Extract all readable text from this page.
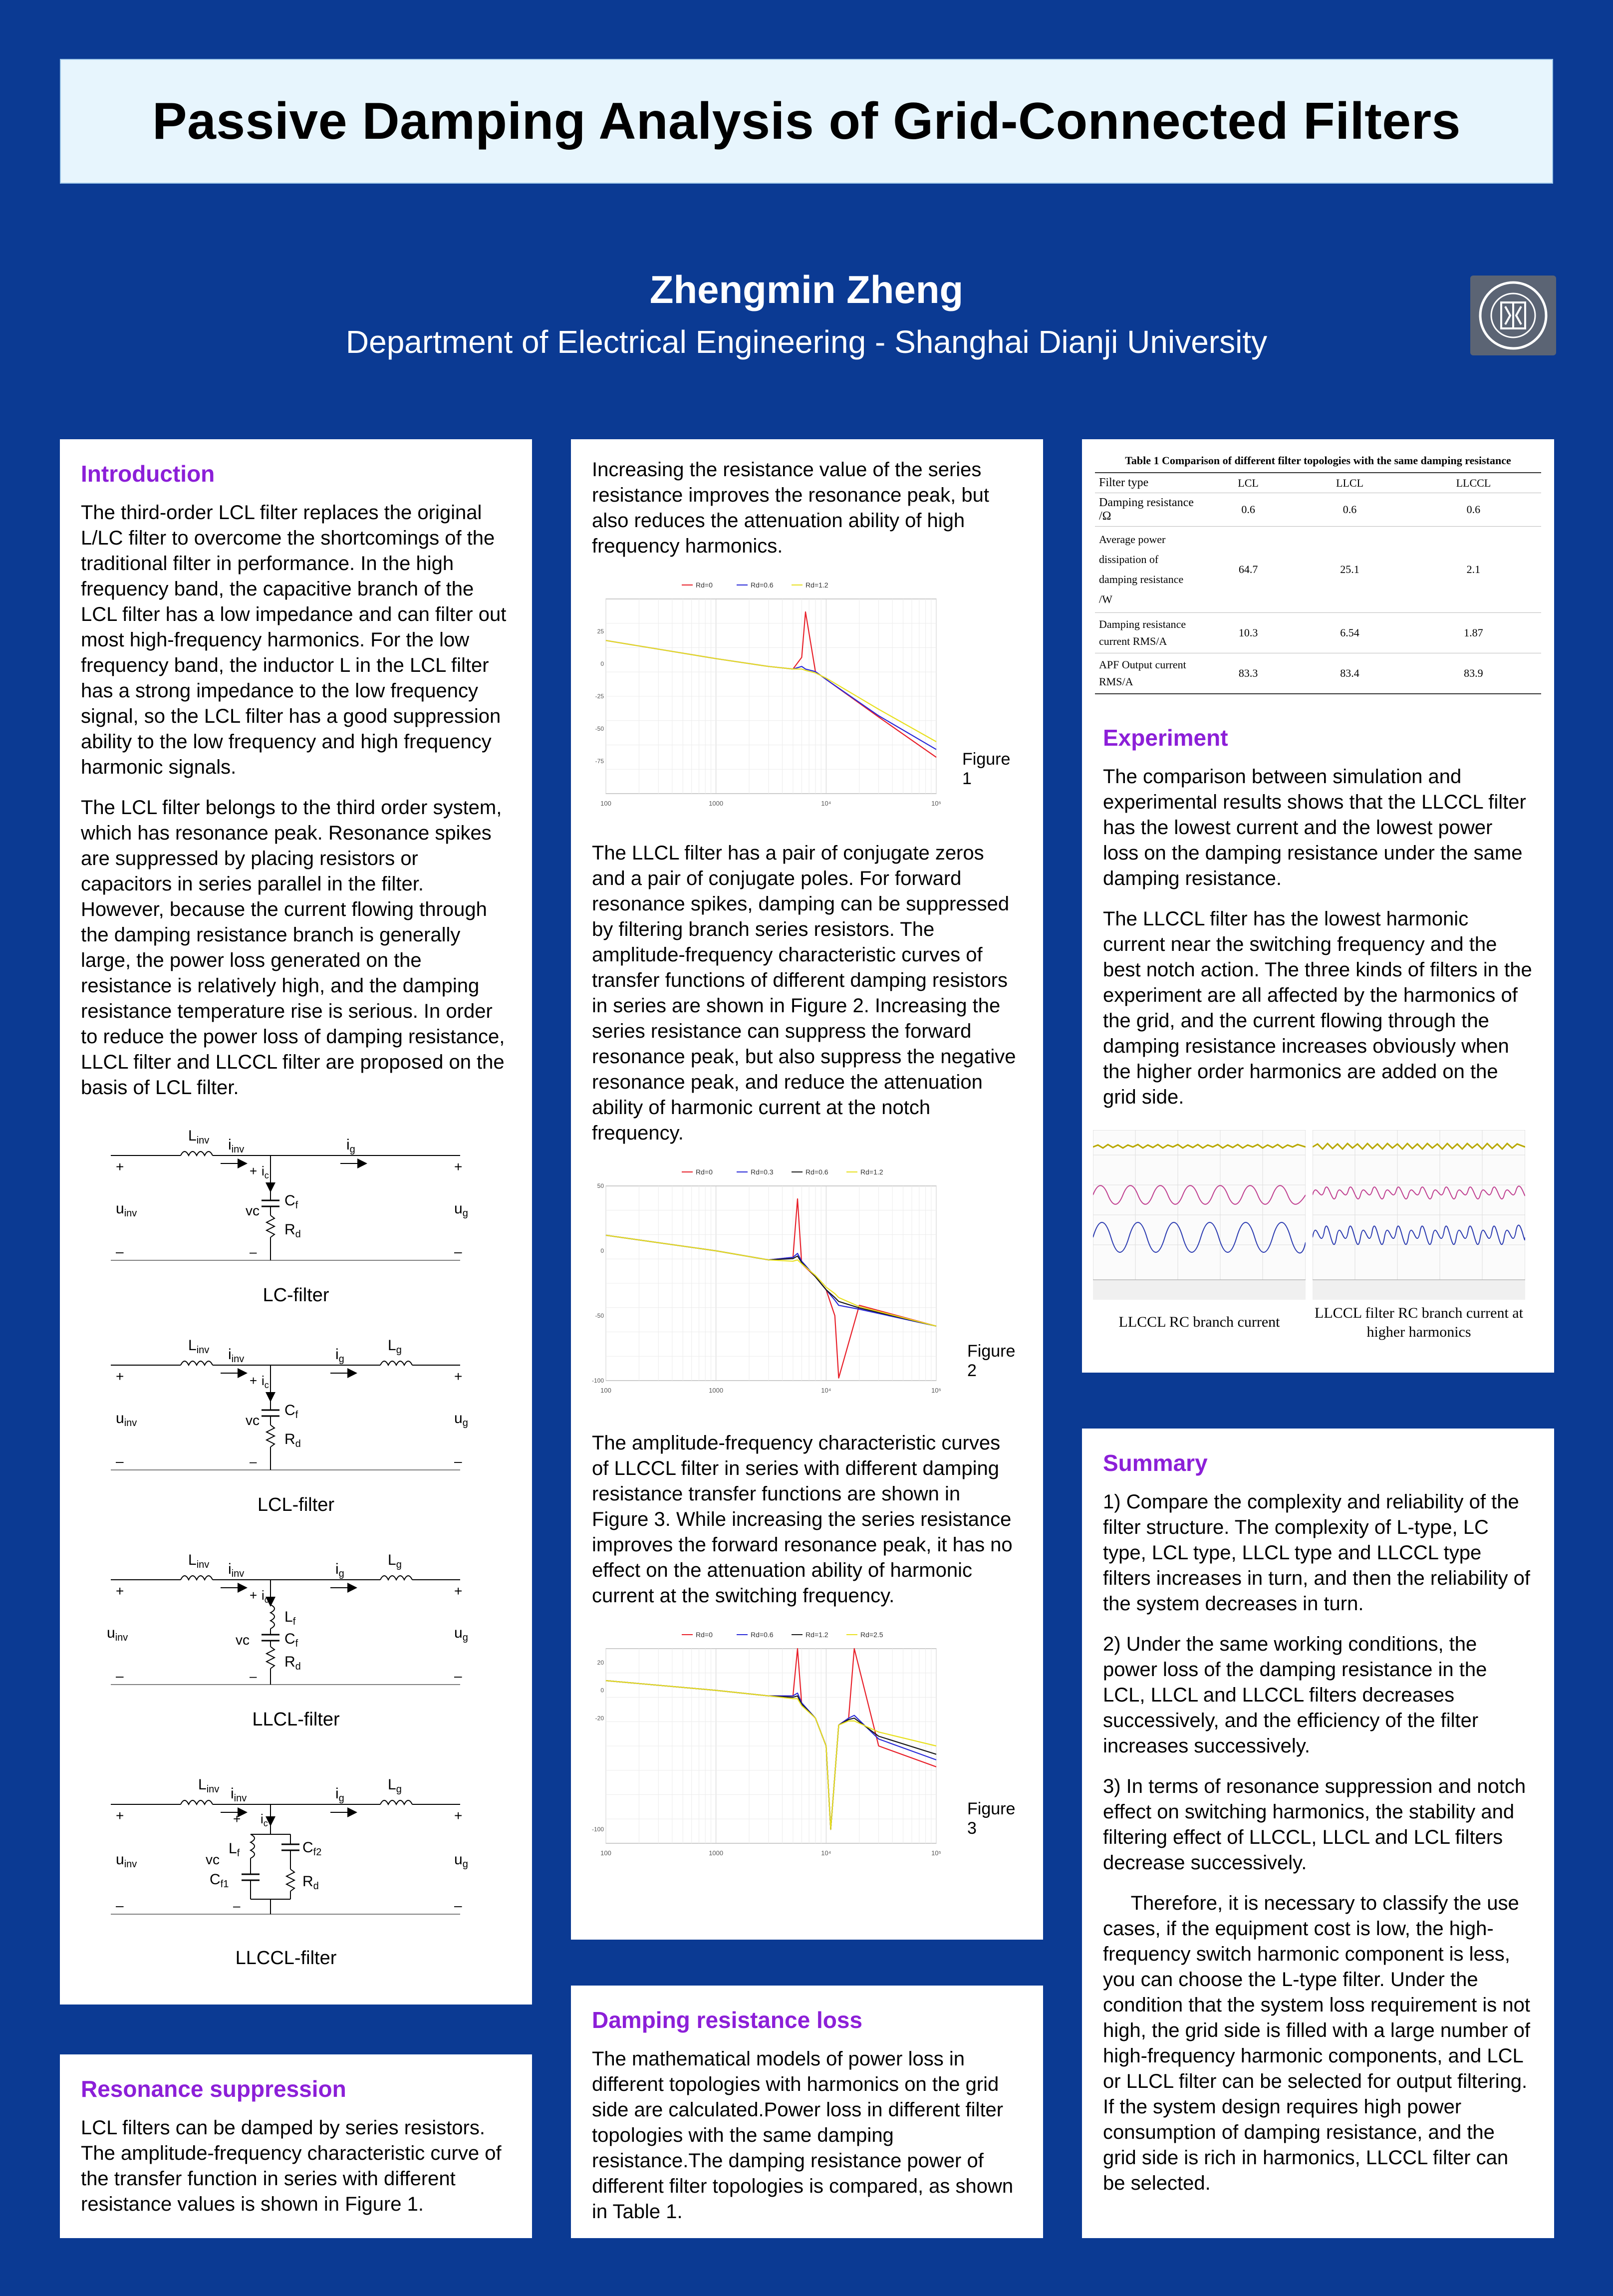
Passive Damping Analysis of Grid-Connected Filters
Zhengmin Zheng
Department of Electrical Engineering - Shanghai Dianji University
Introduction

The third-order LCL filter replaces the original L/LC filter to overcome the shortcomings of the traditional filter in performance. In the high frequency band, the capacitive branch of the LCL filter has a low impedance and can filter out most high-frequency harmonics. For the low frequency band, the inductor L in the LCL filter has a strong impedance to the low frequency signal, so the LCL filter has a good suppression ability to the low frequency and high frequency harmonic signals.

The LCL filter belongs to the third order system, which has resonance peak. Resonance spikes are suppressed by placing resistors or capacitors in series parallel in the filter. However, because the current flowing through the damping resistance branch is generally large, the power loss generated on the resistance is relatively high, and the damping resistance temperature rise is serious. In order to reduce the power loss of damping resistance, LLCL filter and LLCCL filter are proposed on the basis of LCL filter.

$L_{inv}$ $i_{inv}$	$i_g$
+ $i_c$
$C_f$
$R_d$
vc
–
+	+
$u_{inv}$	$u_g$
–	–
LC-filter
$L_{inv}$	$L_g$
$i_{inv}$	$i_g$
+ $i_c$
$C_f$
$R_d$
vc
–
+	+
$u_{inv}$	$u_g$
–	–
LCL-filter
$L_{inv}$	$L_g$
$i_{inv}$	$i_g$
+ $i_c$
$L_f$
$C_f$
$R_d$
vc
–
+	+
$u_{inv}$	$u_g$
–	–
LLCL-filter
$L_{inv}$	$L_g$
$i_{inv}$	$i_g$
+ $i_c$
$L_f$
$C_{f1}$
$C_{f2}$
$R_d$
vc
–
+	+
$u_{inv}$	$u_g$
–	–
LLCCL-filter
Resonance suppression

LCL filters can be damped by series resistors. The amplitude-frequency characteristic curve of the transfer function in series with different resistance values is shown in Figure 1.

Increasing the resistance value of the series resistance improves the resonance peak, but also reduces the attenuation ability of high frequency harmonics.

100	1000	10⁴	10⁵
25
0
-25
-50
-75
Rd=0	Rd=0.6	Rd=1.2
Figure 1

The LLCL filter has a pair of conjugate zeros and a pair of conjugate poles. For forward resonance spikes, damping can be suppressed by filtering branch series resistors. The amplitude-frequency characteristic curves of transfer functions of different damping resistors in series are shown in Figure 2. Increasing the series resistance can suppress the forward resonance peak, but also suppress the negative resonance peak, and reduce the attenuation ability of harmonic current at the notch frequency.

100	1000	10⁴	10⁵
50
0
-50
-100
Rd=0	Rd=0.3	Rd=0.6	Rd=1.2
Figure 2

The amplitude-frequency characteristic curves of LLCCL filter in series with different damping resistance transfer functions are shown in Figure 3. While increasing the series resistance improves the forward resonance peak, it has no effect on the attenuation ability of harmonic current at the switching frequency.

100	1000	10⁴	10⁵
20
0
-20
-100
Rd=0	Rd=0.6	Rd=1.2	Rd=2.5
Figure 3
Damping resistance loss

The mathematical models of power loss in different topologies with harmonics on the grid side are calculated.Power loss in different filter topologies with the same damping resistance.The damping resistance power of different filter topologies is compared, as shown in Table 1.

Table 1 Comparison of different filter topologies with the same damping resistance
Filter type	LCL	LLCL	LLCCL
Damping resistance /Ω	0.6	0.6	0.6
Average power dissipation of damping resistance /W	64.7	25.1	2.1
Damping resistance current RMS/A	10.3	6.54	1.87
APF Output current RMS/A	83.3	83.4	83.9
Experiment

The comparison between simulation and experimental results shows that the LLCCL filter has the lowest current and the lowest power loss on the damping resistance under the same damping resistance.

The LLCCL filter has the lowest harmonic current near the switching frequency and the best notch action. The three kinds of filters in the experiment are all affected by the harmonics of the grid, and the current flowing through the damping resistance increases obviously when the higher order harmonics are added on the grid side.

LLCCL RC branch current
LLCCL filter RC branch current at higher harmonics
Summary

1) Compare the complexity and reliability of the filter structure. The complexity of L-type, LC type, LCL type, LLCL type and LLCCL type filters increases in turn, and then the reliability of the system decreases in turn.

2) Under the same working conditions, the power loss of the damping resistance in the LCL, LLCL and LLCCL filters decreases successively, and the efficiency of the filter increases successively.

3) In terms of resonance suppression and notch effect on switching harmonics, the stability and filtering effect of LLCCL, LLCL and LCL filters decrease successively.

Therefore, it is necessary to classify the use cases, if the equipment cost is low, the high-frequency switch harmonic component is less, you can choose the L-type filter. Under the condition that the system loss requirement is not high, the grid side is filled with a large number of high-frequency harmonic components, and LCL or LLCL filter can be selected for output filtering. If the system design requires high power consumption of damping resistance, and the grid side is rich in harmonics, LLCCL filter can be selected.
